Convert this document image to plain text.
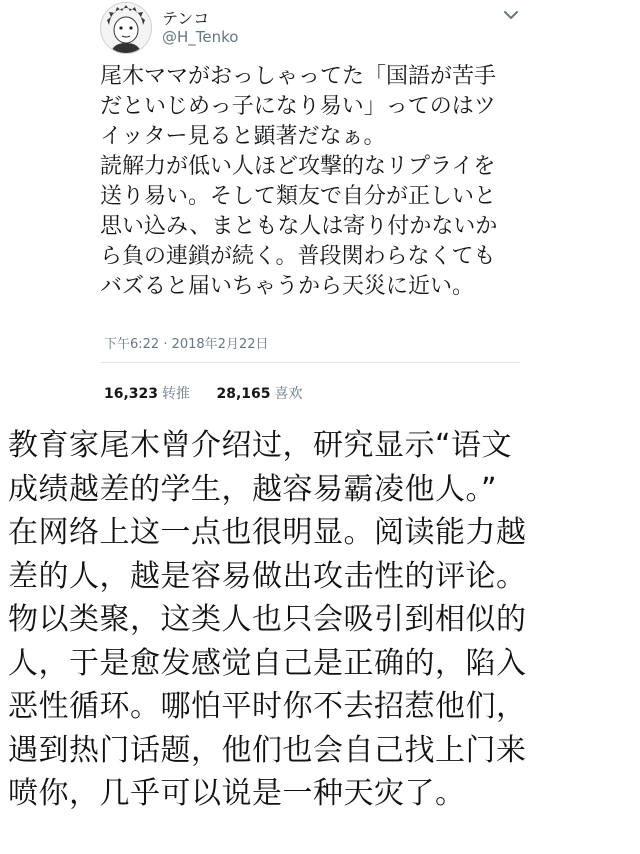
テンコ
@H_Tenko
尾木ママがおっしゃってた「国語が苦手
だといじめっ子になり易い」ってのはツ
イッター見ると顕著だなぁ。
読解力が低い人ほど攻撃的なリプライを
送り易い。そして類友で自分が正しいと
思い込み、まともな人は寄り付かないか
ら負の連鎖が続く。普段関わらなくても
バズると届いちゃうから天災に近い。
下午6:22 · 2018年2月22日
16,323 转推 28,165 喜欢
教育家尾木曾介绍过，研究显示“语文
成绩越差的学生，越容易霸凌他人。”
在网络上这一点也很明显。阅读能力越
差的人，越是容易做出攻击性的评论。
物以类聚，这类人也只会吸引到相似的
人，于是愈发感觉自己是正确的，陷入
恶性循环。哪怕平时你不去招惹他们，
遇到热门话题，他们也会自己找上门来
喷你，几乎可以说是一种天灾了。
